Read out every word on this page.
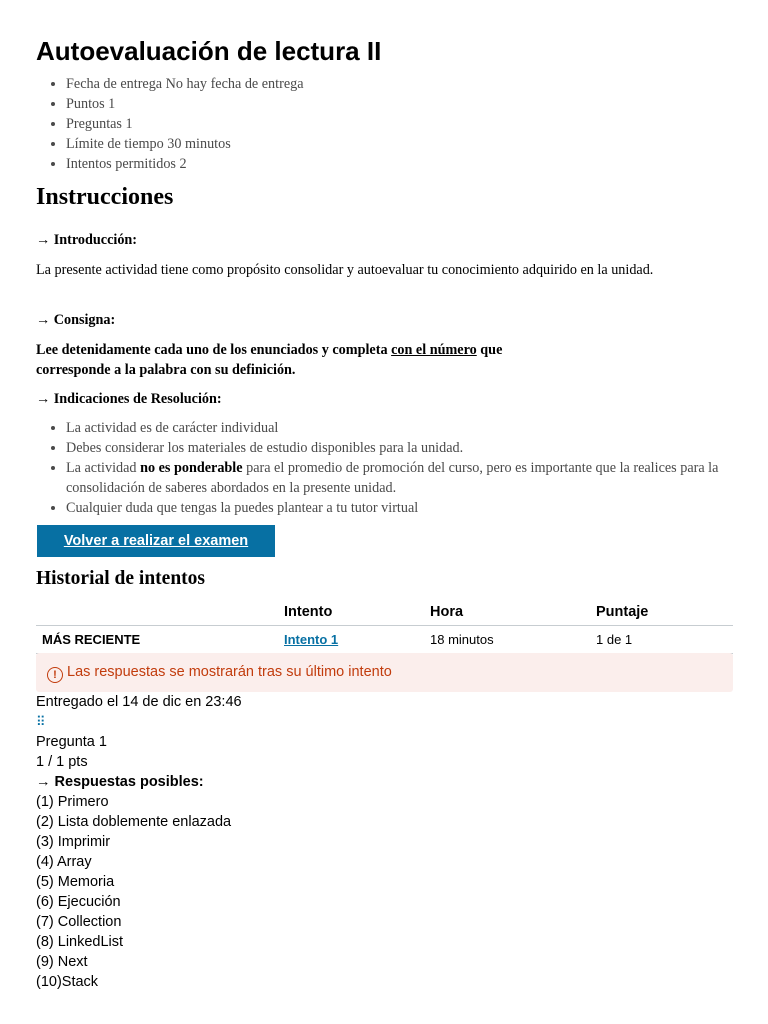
Autoevaluación de lectura II
• Fecha de entrega No hay fecha de entrega
• Puntos 1
• Preguntas 1
• Límite de tiempo 30 minutos
• Intentos permitidos 2
Instrucciones

→ Introducción:

La presente actividad tiene como propósito consolidar y autoevaluar tu conocimiento adquirido en la unidad.

→ Consigna:

Lee detenidamente cada uno de los enunciados y completa con el número que
corresponde a la palabra con su definición.

→ Indicaciones de Resolución:

• La actividad es de carácter individual
• Debes considerar los materiales de estudio disponibles para la unidad.
• La actividad no es ponderable para el promedio de promoción del curso, pero es importante que la realices para la consolidación de saberes abordados en la presente unidad.
• Cualquier duda que tengas la puedes plantear a tu tutor virtual
Volver a realizar el examen
Historial de intentos
	Intento	Hora	Puntaje
MÁS RECIENTE	Intento 1	18 minutos	1 de 1
! Las respuestas se mostrarán tras su último intento
Entregado el 14 de dic en 23:46
⠿
Pregunta 1
1 / 1 pts
→ Respuestas posibles:
(1) Primero
(2) Lista doblemente enlazada
(3) Imprimir
(4) Array
(5) Memoria
(6) Ejecución
(7) Collection
(8) LinkedList
(9) Next
(10)Stack
